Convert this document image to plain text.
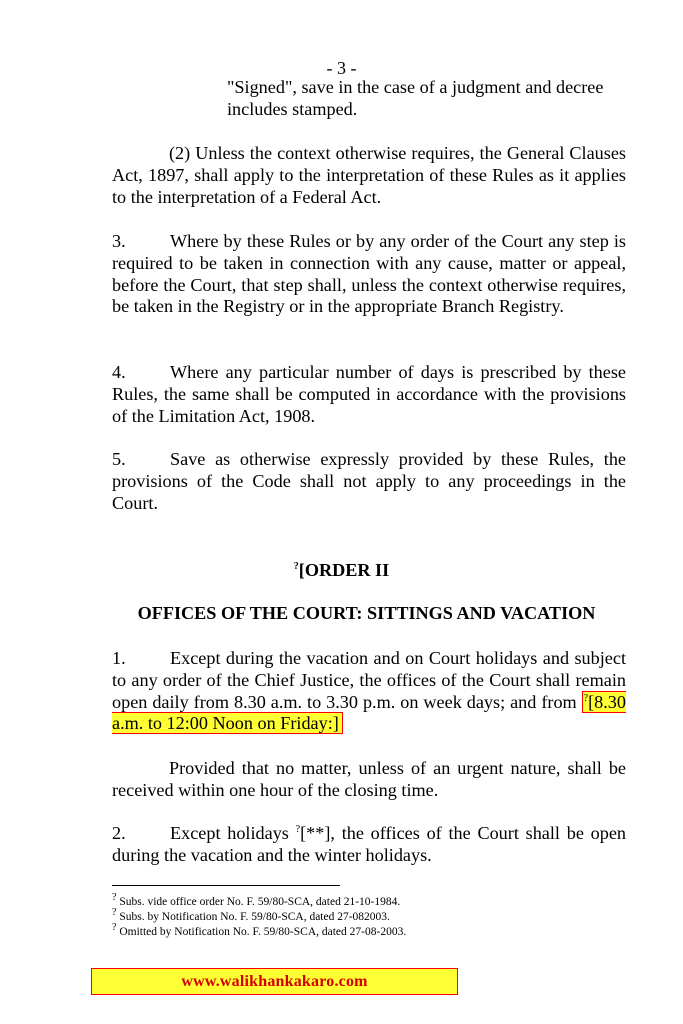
- 3 -
"Signed", save in the case of a judgment and decree
includes stamped.
(2) Unless the context otherwise requires, the General Clauses Act, 1897, shall apply to the interpretation of these Rules as it applies to the interpretation of a Federal Act.
3. Where by these Rules or by any order of the Court any step is required to be taken in connection with any cause, matter or appeal, before the Court, that step shall, unless the context otherwise requires, be taken in the Registry or in the appropriate Branch Registry.
4. Where any particular number of days is prescribed by these Rules, the same shall be computed in accordance with the provisions of the Limitation Act, 1908.
5. Save as otherwise expressly provided by these Rules, the provisions of the Code shall not apply to any proceedings in the Court.
?[ORDER II
OFFICES OF THE COURT: SITTINGS AND VACATION
1. Except during the vacation and on Court holidays and subject to any order of the Chief Justice, the offices of the Court shall remain open daily from 8.30 a.m. to 3.30 p.m. on week days; and from ?[8.30 a.m. to 12:00 Noon on Friday:]
Provided that no matter, unless of an urgent nature, shall be received within one hour of the closing time.
2. Except holidays ?[**], the offices of the Court shall be open during the vacation and the winter holidays.
? Subs. vide office order No. F. 59/80-SCA, dated 21-10-1984.
? Subs. by Notification No. F. 59/80-SCA, dated 27-082003.
? Omitted by Notification No. F. 59/80-SCA, dated 27-08-2003.
www.walikhankakaro.com
